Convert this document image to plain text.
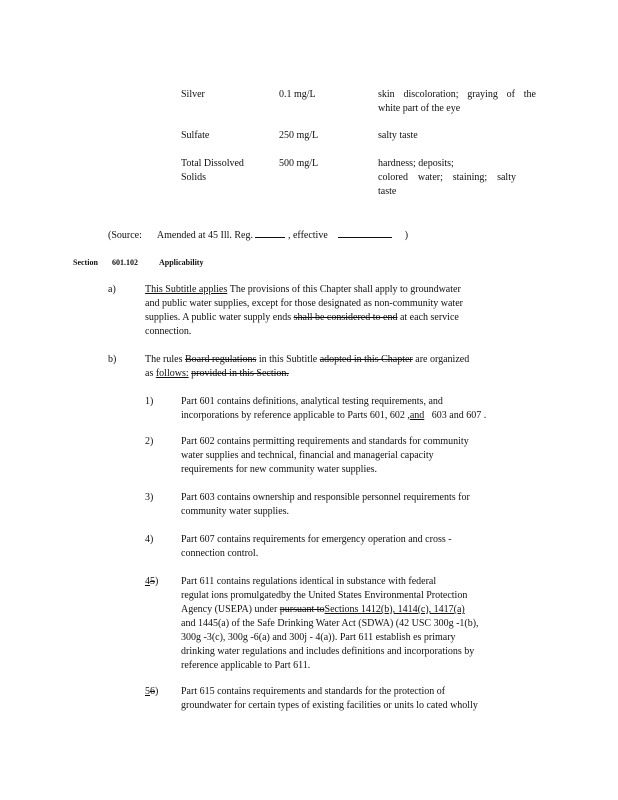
Silver	0.1 mg/L	skin discoloration; graying of the
white part of the eye
Sulfate	250 mg/L	salty taste
Total Dissolved
Solids
500 mg/L	hardness; deposits;
colored water; staining; salty
taste
(Source: Amended at 45 Ill. Reg.	, effective	)
Section 601.102	Applicability
a)	This Subtitle applies The provisions of this Chapter shall apply to groundwater
and public water supplies, except for those designated as non-community water
supplies. A public water supply ends shall be considered to end at each service
connection.
b)	The rules Board regulations in this Subtitle adopted in this Chapter are organized
as follows: provided in this Section.
1)	Part 601 contains definitions, analytical testing requirements, and
incorporations by reference applicable to Parts 601, 602 ,and 603 and 607 .
2)	Part 602 contains permitting requirements and standards for community
water supplies and technical, financial and managerial capacity
requirements for new community water supplies.
3)	Part 603 contains ownership and responsible personnel requirements for
community water supplies.
4)	Part 607 contains requirements for emergency operation and cross -
connection control.
45) Part 611 contains regulations identical in substance with federal
regulat ions promulgatedby the United States Environmental Protection
Agency (USEPA) under pursuant toSections 1412(b), 1414(c), 1417(a)
and 1445(a) of the Safe Drinking Water Act (SDWA) (42 USC 300g -1(b),
300g -3(c), 300g -6(a) and 300j - 4(a)). Part 611 establish es primary
drinking water regulations and includes definitions and incorporations by
reference applicable to Part 611.
56) Part 615 contains requirements and standards for the protection of
groundwater for certain types of existing facilities or units lo cated wholly
